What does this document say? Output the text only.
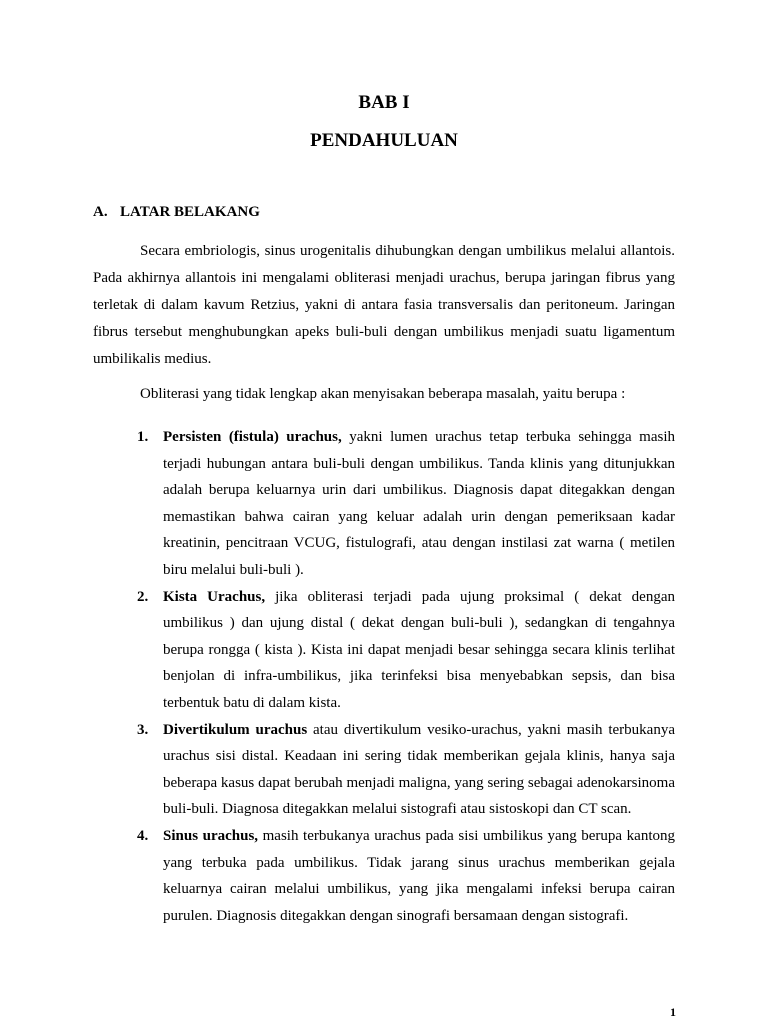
BAB I
PENDAHULUAN
A. LATAR BELAKANG

Secara embriologis, sinus urogenitalis dihubungkan dengan umbilikus melalui allantois. Pada akhirnya allantois ini mengalami obliterasi menjadi urachus, berupa jaringan fibrus yang terletak di dalam kavum Retzius, yakni di antara fasia transversalis dan peritoneum. Jaringan fibrus tersebut menghubungkan apeks buli-buli dengan umbilikus menjadi suatu ligamentum umbilikalis medius.

Obliterasi yang tidak lengkap akan menyisakan beberapa masalah, yaitu berupa :
1. Persisten (fistula) urachus, yakni lumen urachus tetap terbuka sehingga masih terjadi hubungan antara buli-buli dengan umbilikus. Tanda klinis yang ditunjukkan adalah berupa keluarnya urin dari umbilikus. Diagnosis dapat ditegakkan dengan memastikan bahwa cairan yang keluar adalah urin dengan pemeriksaan kadar kreatinin, pencitraan VCUG, fistulografi, atau dengan instilasi zat warna ( metilen biru melalui buli-buli ).
2. Kista Urachus, jika obliterasi terjadi pada ujung proksimal ( dekat dengan umbilikus ) dan ujung distal ( dekat dengan buli-buli ), sedangkan di tengahnya berupa rongga ( kista ). Kista ini dapat menjadi besar sehingga secara klinis terlihat benjolan di infra-umbilikus, jika terinfeksi bisa menyebabkan sepsis, dan bisa terbentuk batu di dalam kista.
3. Divertikulum urachus atau divertikulum vesiko-urachus, yakni masih terbukanya urachus sisi distal. Keadaan ini sering tidak memberikan gejala klinis, hanya saja beberapa kasus dapat berubah menjadi maligna, yang sering sebagai adenokarsinoma buli-buli. Diagnosa ditegakkan melalui sistografi atau sistoskopi dan CT scan.
4. Sinus urachus, masih terbukanya urachus pada sisi umbilikus yang berupa kantong yang terbuka pada umbilikus. Tidak jarang sinus urachus memberikan gejala keluarnya cairan melalui umbilikus, yang jika mengalami infeksi berupa cairan purulen. Diagnosis ditegakkan dengan sinografi bersamaan dengan sistografi.
1
